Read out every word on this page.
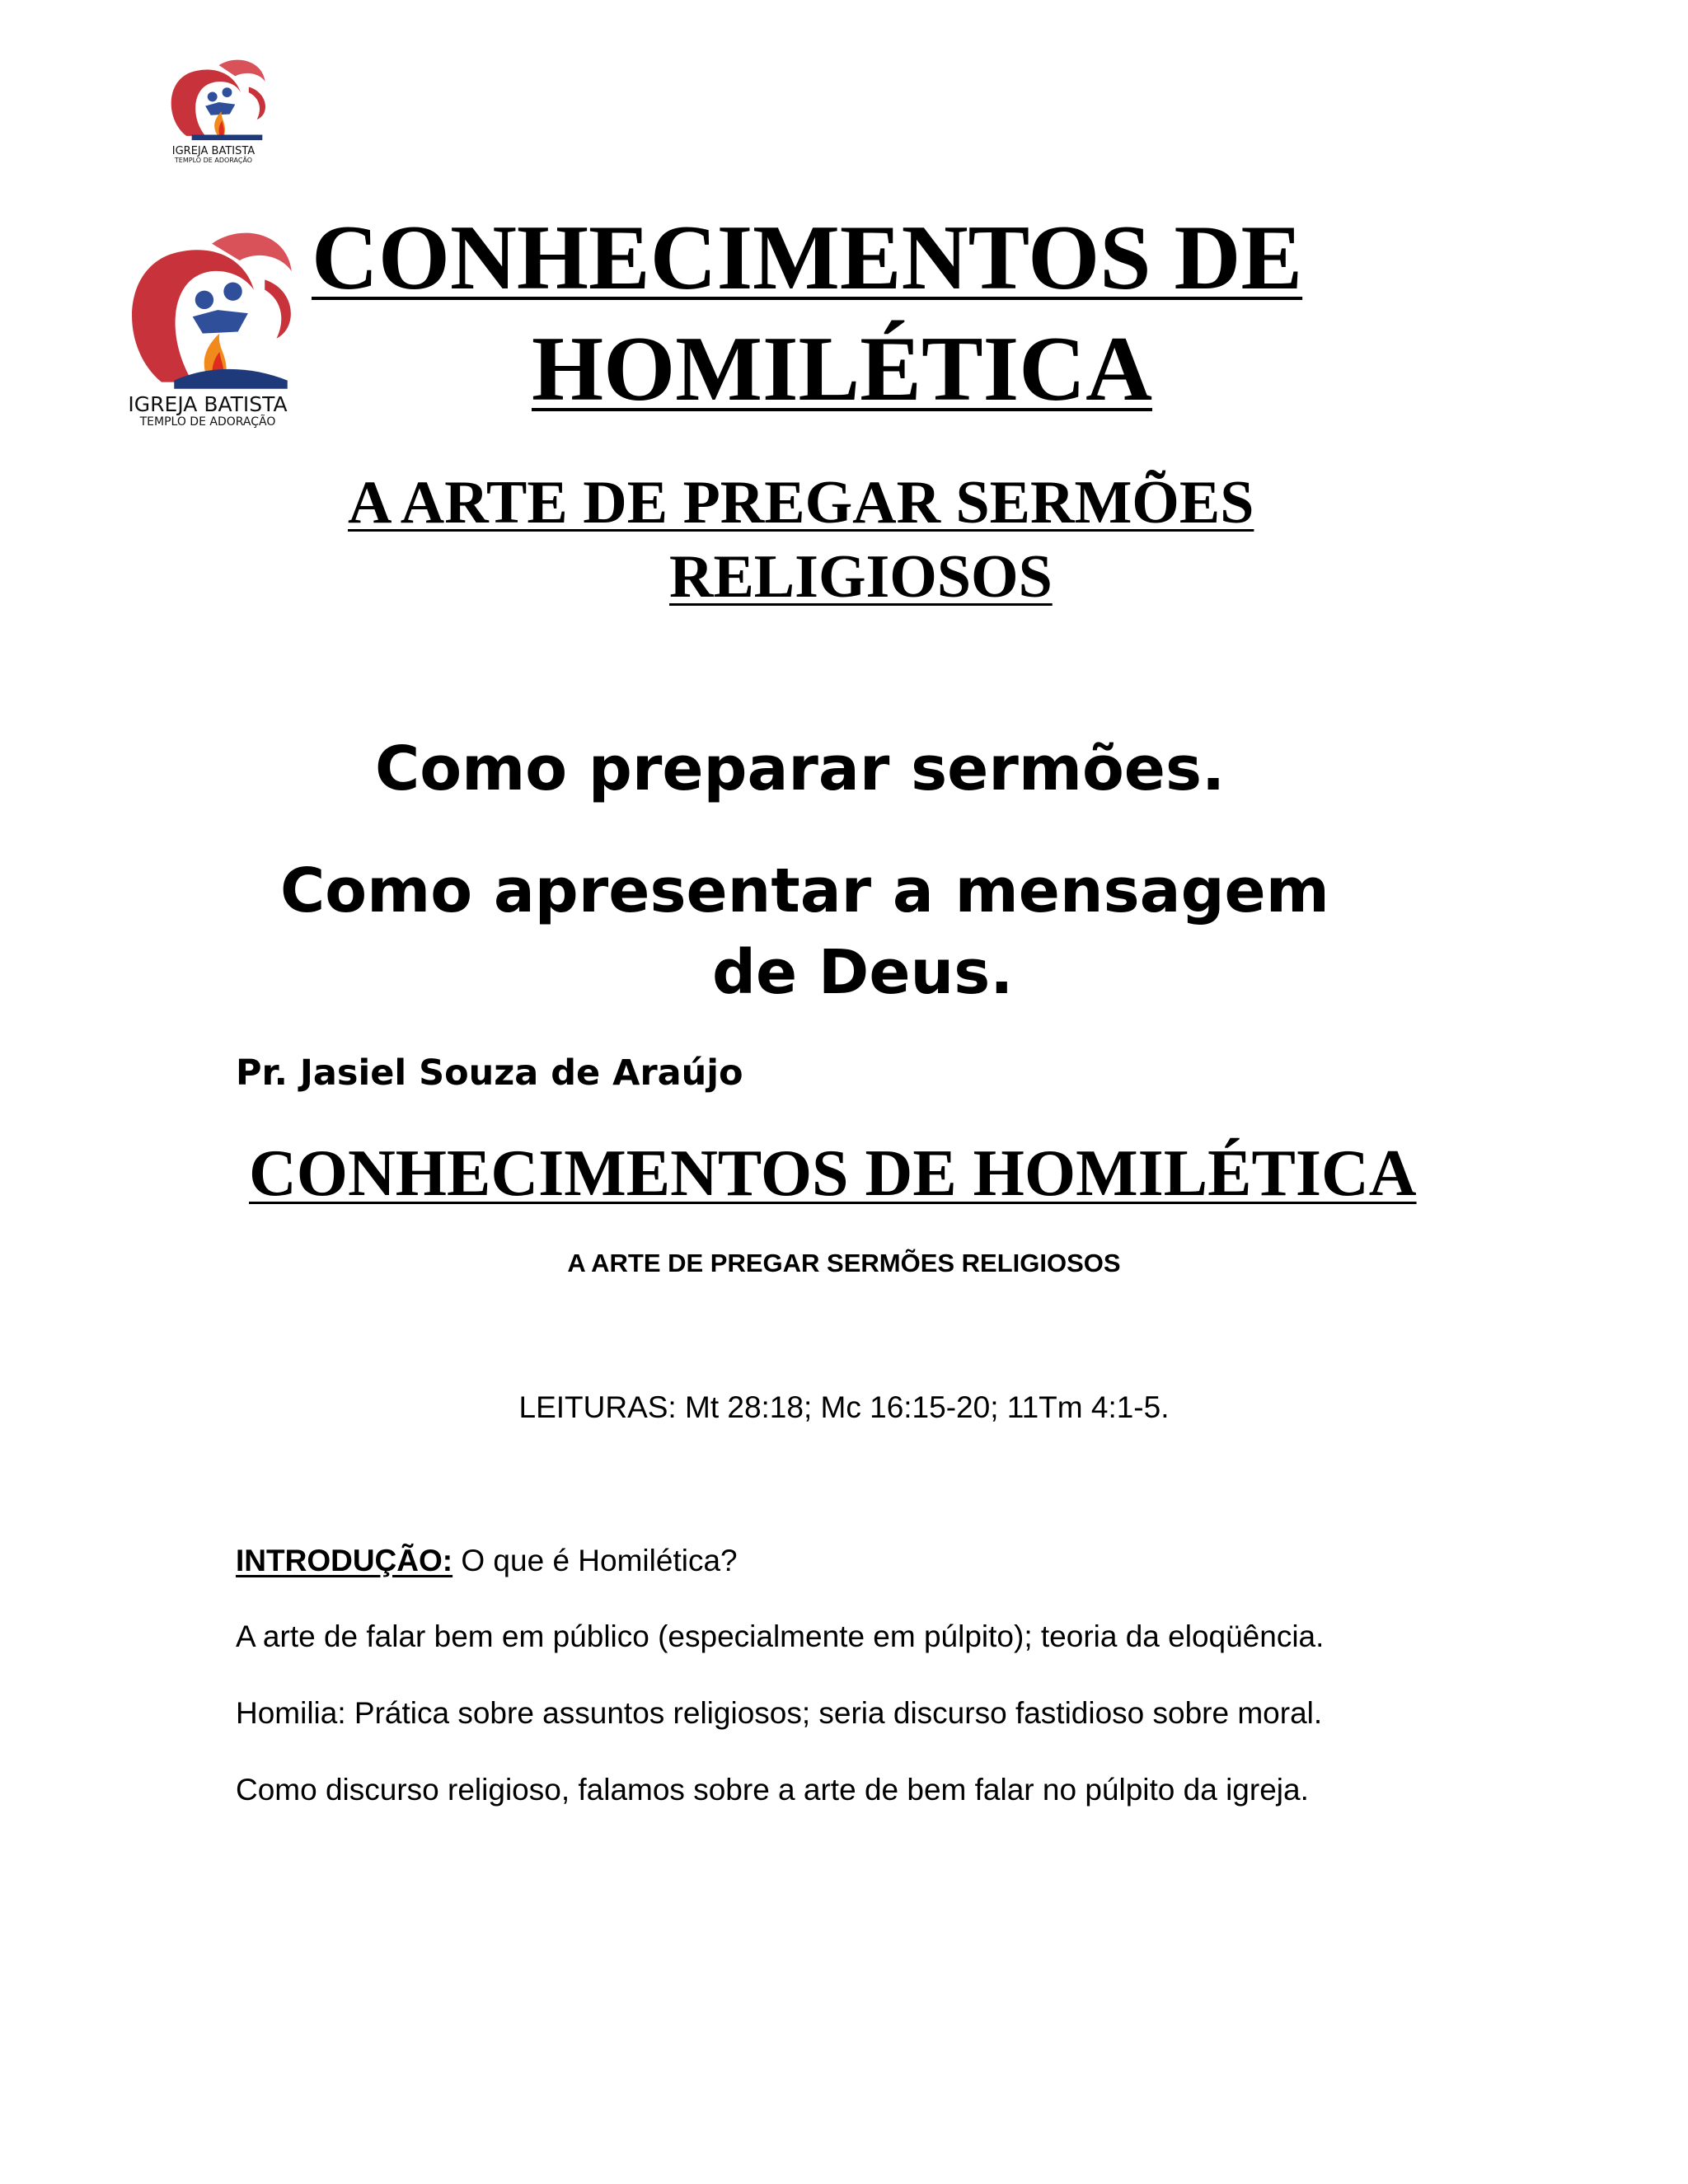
IGREJA BATISTA
TEMPLO DE ADORAÇÃO
IGREJA BATISTA
TEMPLO DE ADORAÇÃO
CONHECIMENTOS DE
HOMILÉTICA
A ARTE DE PREGAR SERMÕES
RELIGIOSOS
Como preparar sermões.
Como apresentar a mensagem
de Deus.
Pr. Jasiel Souza de Araújo
CONHECIMENTOS DE HOMILÉTICA
A ARTE DE PREGAR SERMÕES RELIGIOSOS
LEITURAS: Mt 28:18; Mc 16:15-20; 11Tm 4:1-5.
INTRODUÇÃO: O que é Homilética?
A arte de falar bem em público (especialmente em púlpito); teoria da eloqüência.
Homilia: Prática sobre assuntos religiosos; seria discurso fastidioso sobre moral.
Como discurso religioso, falamos sobre a arte de bem falar no púlpito da igreja.
